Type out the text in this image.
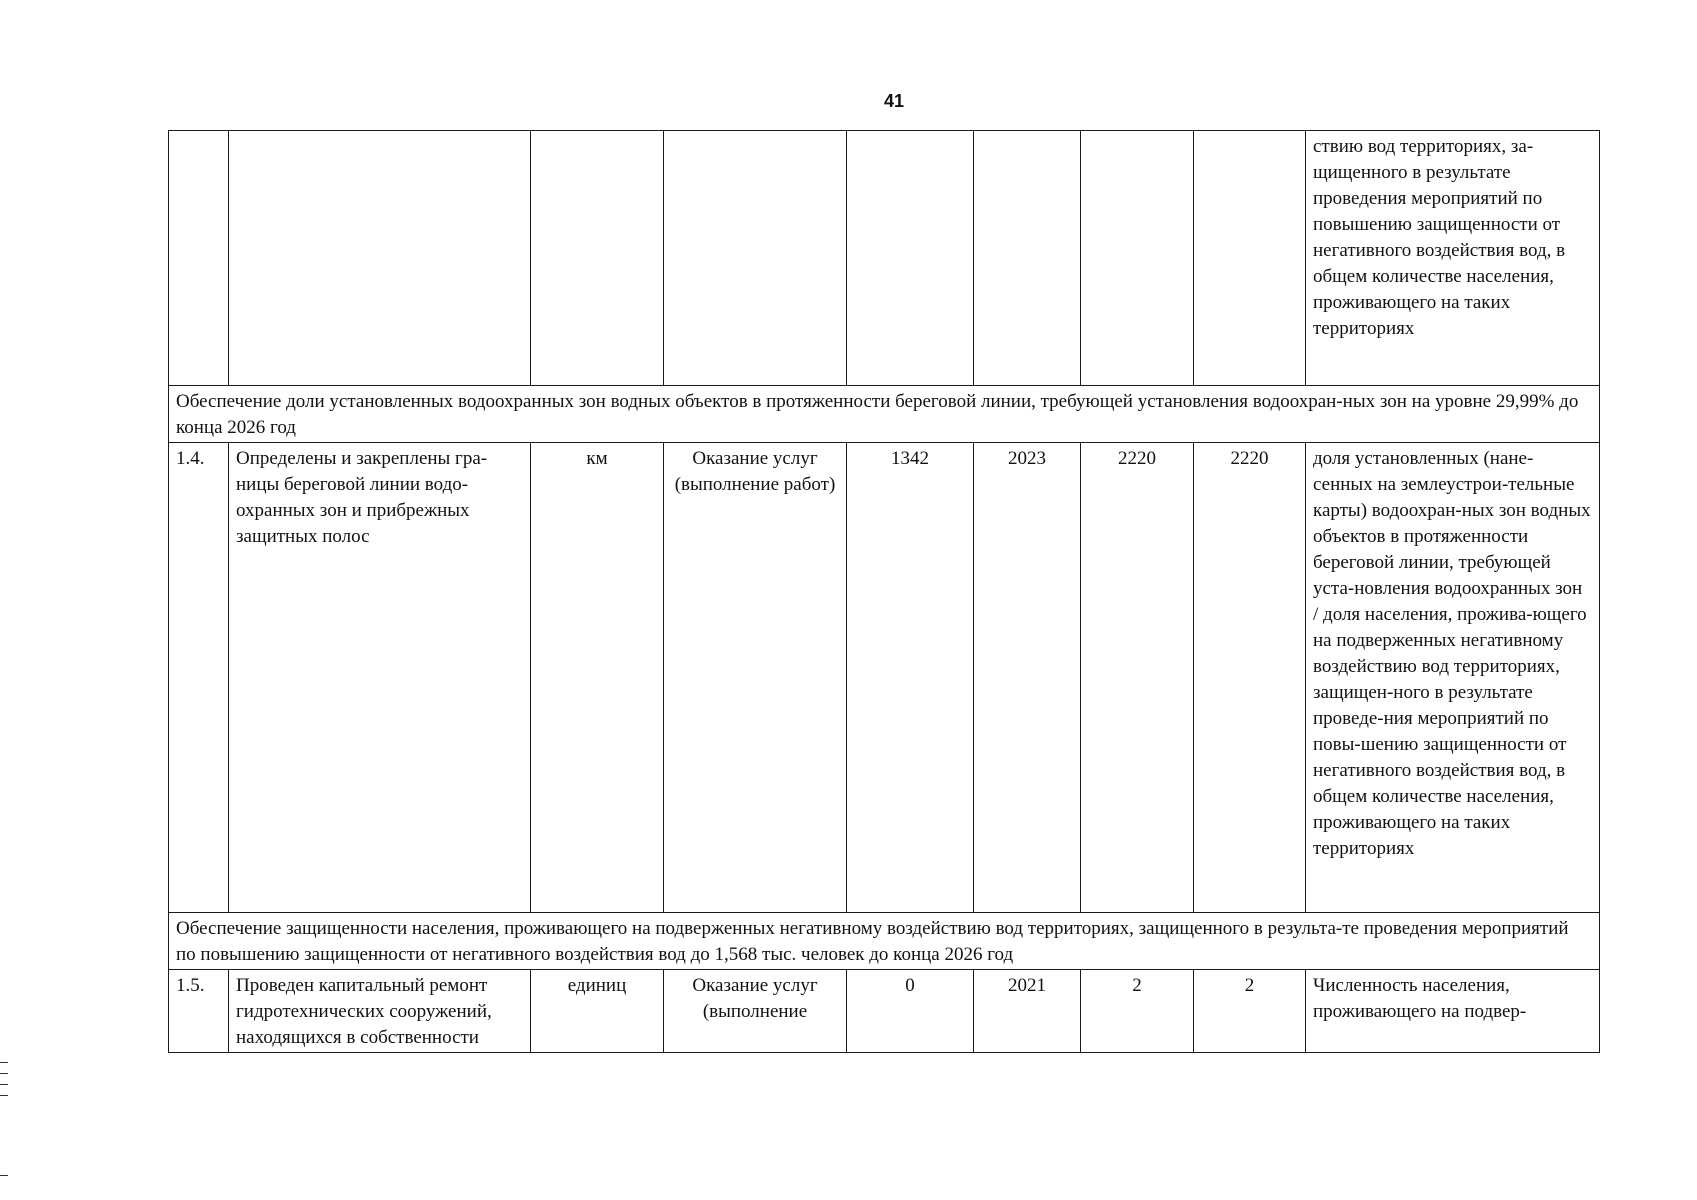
41
								ствию вод территориях, за-щищенного в результате проведения мероприятий по повышению защищенности от негативного воздействия вод, в общем количестве населения, проживающего на таких территориях
Обеспечение доли установленных водоохранных зон водных объектов в протяженности береговой линии, требующей установления водоохран-ных зон на уровне 29,99% до конца 2026 год								
1.4.	Определены и закреплены гра-ницы береговой линии водо-охранных зон и прибрежных защитных полос	км	Оказание услуг (выполнение работ)	1342	2023	2220	2220	доля установленных (нане-сенных на землеустрои-тельные карты) водоохран-ных зон водных объектов в протяженности береговой линии, требующей уста-новления водоохранных зон / доля населения, прожива-ющего на подверженных негативному воздействию вод территориях, защищен-ного в результате проведе-ния мероприятий по повы-шению защищенности от негативного воздействия вод, в общем количестве населения, проживающего на таких территориях
Обеспечение защищенности населения, проживающего на подверженных негативному воздействию вод территориях, защищенного в результа-те проведения мероприятий по повышению защищенности от негативного воздействия вод до 1,568 тыс. человек до конца 2026 год								
1.5.	Проведен капитальный ремонт гидротехнических сооружений, находящихся в собственности	единиц	Оказание услуг (выполнение	0	2021	2	2	Численность населения, проживающего на подвер-
